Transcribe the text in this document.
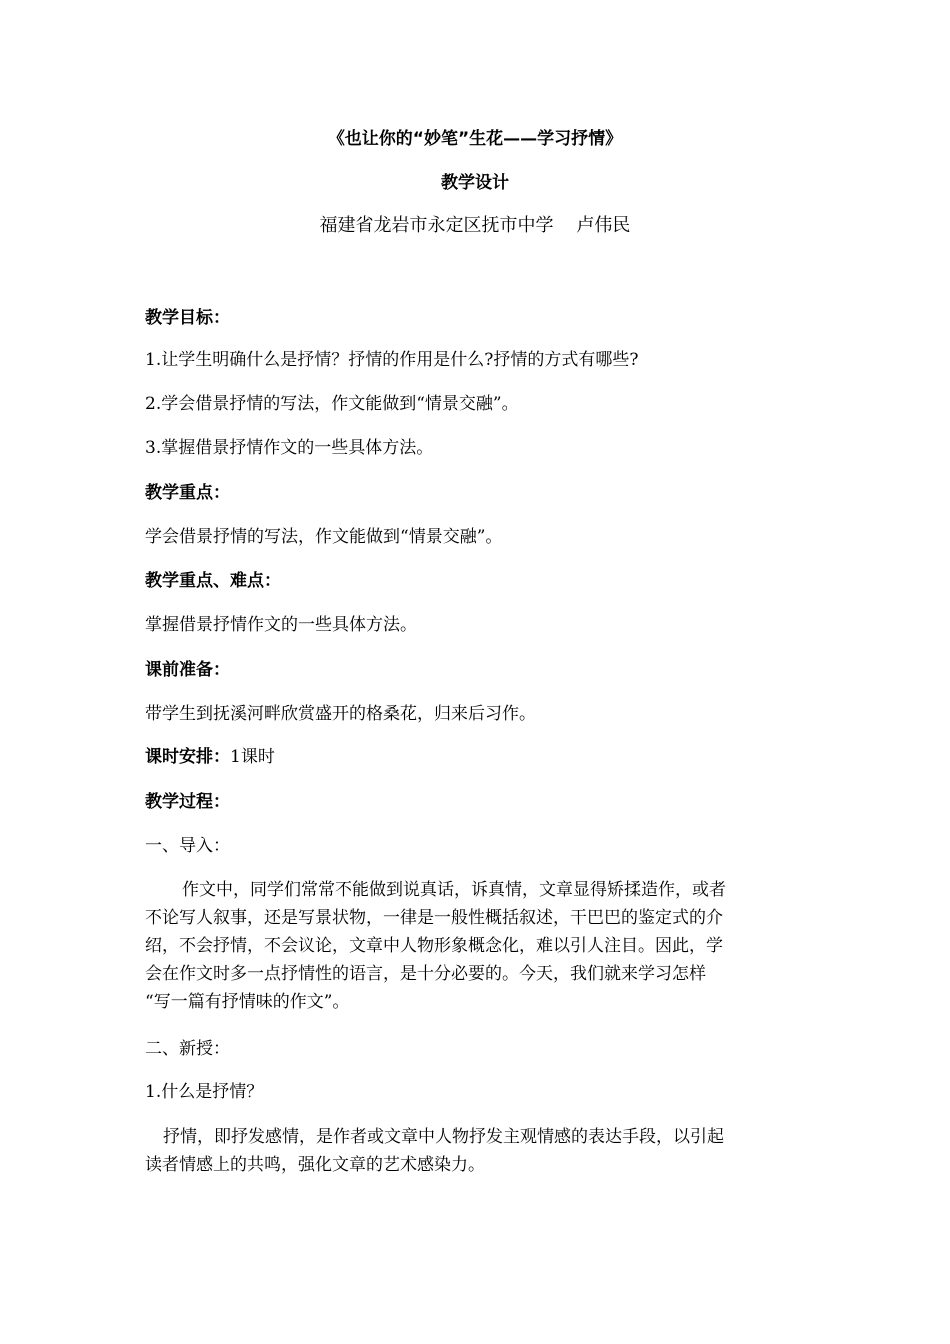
《也让你的“妙笔”生花——学习抒情》
教学设计
福建省龙岩市永定区抚市中学    卢伟民
教学目标：
1.让学生明确什么是抒情？抒情的作用是什么?抒情的方式有哪些?
2.学会借景抒情的写法，作文能做到“情景交融”。
3.掌握借景抒情作文的一些具体方法。
教学重点：
学会借景抒情的写法，作文能做到“情景交融”。
教学重点、难点：
掌握借景抒情作文的一些具体方法。
课前准备：
带学生到抚溪河畔欣赏盛开的格桑花，归来后习作。
课时安排：1课时
教学过程：
一、导入：
作文中，同学们常常不能做到说真话，诉真情，文章显得矫揉造作，或者
不论写人叙事，还是写景状物，一律是一般性概括叙述，干巴巴的鉴定式的介
绍，不会抒情，不会议论，文章中人物形象概念化，难以引人注目。因此，学
会在作文时多一点抒情性的语言，是十分必要的。今天，我们就来学习怎样
“写一篇有抒情味的作文”。
二、新授：
1.什么是抒情？
抒情，即抒发感情，是作者或文章中人物抒发主观情感的表达手段，以引起
读者情感上的共鸣，强化文章的艺术感染力。
